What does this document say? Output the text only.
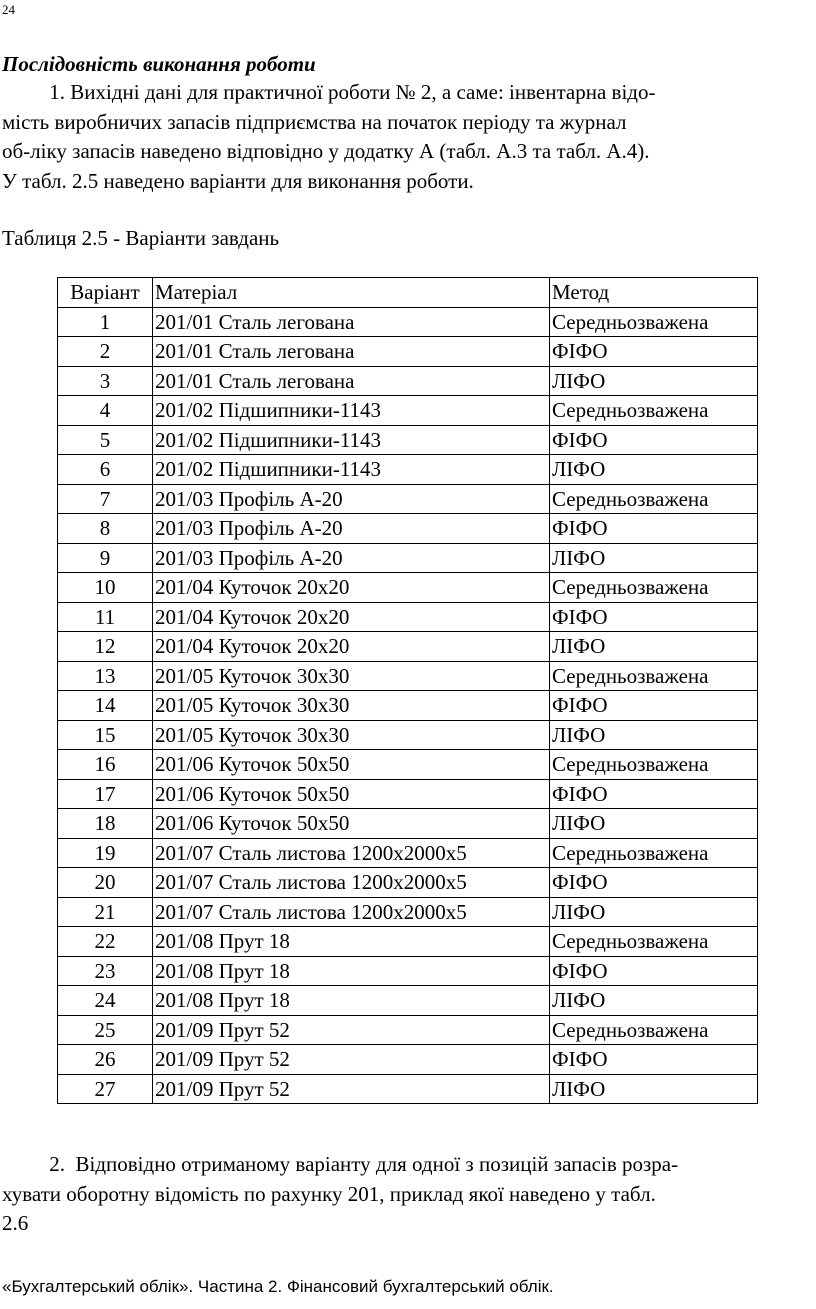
24
Послідовність виконання роботи
1. Вихідні дані для практичної роботи № 2, а саме: інвентарна відо-
мість виробничих запасів підприємства на початок періоду та журнал
об-ліку запасів наведено відповідно у додатку А (табл. А.3 та табл. А.4).
У табл. 2.5 наведено варіанти для виконання роботи.
Таблиця 2.5 - Варіанти завдань
Варіант	Матеріал	Метод
1	201/01 Сталь легована	Середньозважена
2	201/01 Сталь легована	ФІФО
3	201/01 Сталь легована	ЛІФО
4	201/02 Підшипники-1143	Середньозважена
5	201/02 Підшипники-1143	ФІФО
6	201/02 Підшипники-1143	ЛІФО
7	201/03 Профіль А-20	Середньозважена
8	201/03 Профіль А-20	ФІФО
9	201/03 Профіль А-20	ЛІФО
10	201/04 Куточок 20х20	Середньозважена
11	201/04 Куточок 20х20	ФІФО
12	201/04 Куточок 20х20	ЛІФО
13	201/05 Куточок 30х30	Середньозважена
14	201/05 Куточок 30х30	ФІФО
15	201/05 Куточок 30х30	ЛІФО
16	201/06 Куточок 50х50	Середньозважена
17	201/06 Куточок 50х50	ФІФО
18	201/06 Куточок 50х50	ЛІФО
19	201/07 Сталь листова 1200х2000х5	Середньозважена
20	201/07 Сталь листова 1200х2000х5	ФІФО
21	201/07 Сталь листова 1200х2000х5	ЛІФО
22	201/08 Прут 18	Середньозважена
23	201/08 Прут 18	ФІФО
24	201/08 Прут 18	ЛІФО
25	201/09 Прут 52	Середньозважена
26	201/09 Прут 52	ФІФО
27	201/09 Прут 52	ЛІФО
2.  Відповідно отриманому варіанту для одної з позицій запасів розра-
хувати оборотну відомість по рахунку 201, приклад якої наведено у табл.
2.6
«Бухгалтерський облік». Частина 2. Фінансовий бухгалтерський облік.
